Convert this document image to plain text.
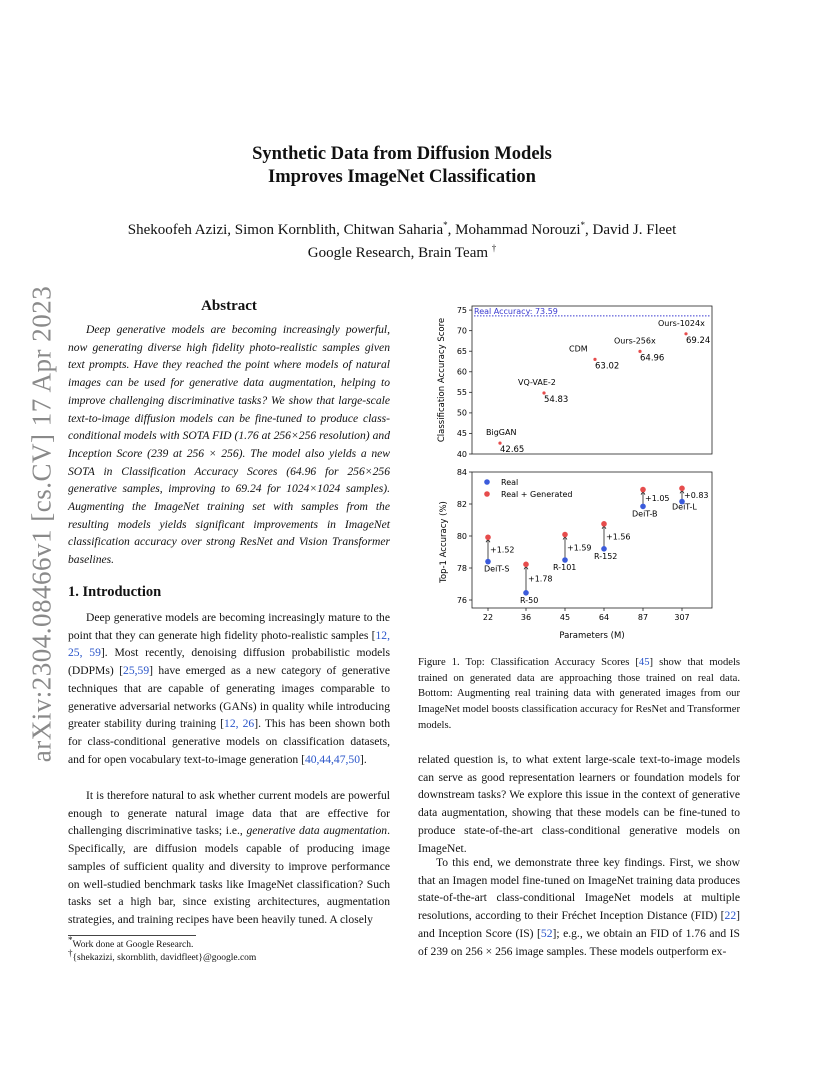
arXiv:2304.08466v1 [cs.CV] 17 Apr 2023
Synthetic Data from Diffusion Models
Improves ImageNet Classification
Shekoofeh Azizi, Simon Kornblith, Chitwan Saharia*, Mohammad Norouzi*, David J. Fleet
Google Research, Brain Team †
Abstract

Deep generative models are becoming increasingly powerful, now generating diverse high fidelity photo-realistic samples given text prompts. Have they reached the point where models of natural images can be used for generative data augmentation, helping to improve challenging discriminative tasks? We show that large-scale text-to-image diffusion models can be fine-tuned to produce class-conditional models with SOTA FID (1.76 at 256×256 resolution) and Inception Score (239 at 256 × 256). The model also yields a new SOTA in Classification Accuracy Scores (64.96 for 256×256 generative samples, improving to 69.24 for 1024×1024 samples). Augmenting the ImageNet training set with samples from the resulting models yields significant improvements in ImageNet classification accuracy over strong ResNet and Vision Transformer baselines.

1. Introduction

Deep generative models are becoming increasingly mature to the point that they can generate high fidelity photo-realistic samples [12, 25, 59]. Most recently, denoising diffusion probabilistic models (DDPMs) [25,59] have emerged as a new category of generative techniques that are capable of generating images comparable to generative adversarial networks (GANs) in quality while introducing greater stability during training [12, 26]. This has been shown both for class-conditional generative models on classification datasets, and for open vocabulary text-to-image generation [40,44,47,50].

It is therefore natural to ask whether current models are powerful enough to generate natural image data that are effective for challenging discriminative tasks; i.e., generative data augmentation. Specifically, are diffusion models capable of producing image samples of sufficient quality and diversity to improve performance on well-studied benchmark tasks like ImageNet classification? Such tasks set a high bar, since existing architectures, augmentation strategies, and training recipes have been heavily tuned. A closely

*Work done at Google Research.
†{shekazizi, skornblith, davidfleet}@google.com

related question is, to what extent large-scale text-to-image models can serve as good representation learners or foundation models for downstream tasks? We explore this issue in the context of generative data augmentation, showing that these models can be fine-tuned to produce state-of-the-art class-conditional generative models on ImageNet.

To this end, we demonstrate three key findings. First, we show that an Imagen model fine-tuned on ImageNet training data produces state-of-the-art class-conditional ImageNet models at multiple resolutions, according to their Fréchet Inception Distance (FID) [22] and Inception Score (IS) [52]; e.g., we obtain an FID of 1.76 and IS of 239 on 256 × 256 image samples. These models outperform ex-

Classification Accuracy Score
40
45
50
55
60
65
70
75 Real Accuracy: 73.59
42.65
BigGAN
54.83
VQ-VAE-2
63.02
CDM
64.96
Ours-256x	69.24
Ours-1024x
Top-1 Accuracy (%)
Parameters (M)
76
78
80
82
84
22	36	45	64	87	307
+1.52
DeiT-S
+1.78
R-50
+1.59
R-101
+1.56
R-152
+1.05
DeiT-B
+0.83
DeiT-L
Real
Real + Generated

Figure 1. Top: Classification Accuracy Scores [45] show that models trained on generated data are approaching those trained on real data. Bottom: Augmenting real training data with generated images from our ImageNet model boosts classification accuracy for ResNet and Transformer models.
